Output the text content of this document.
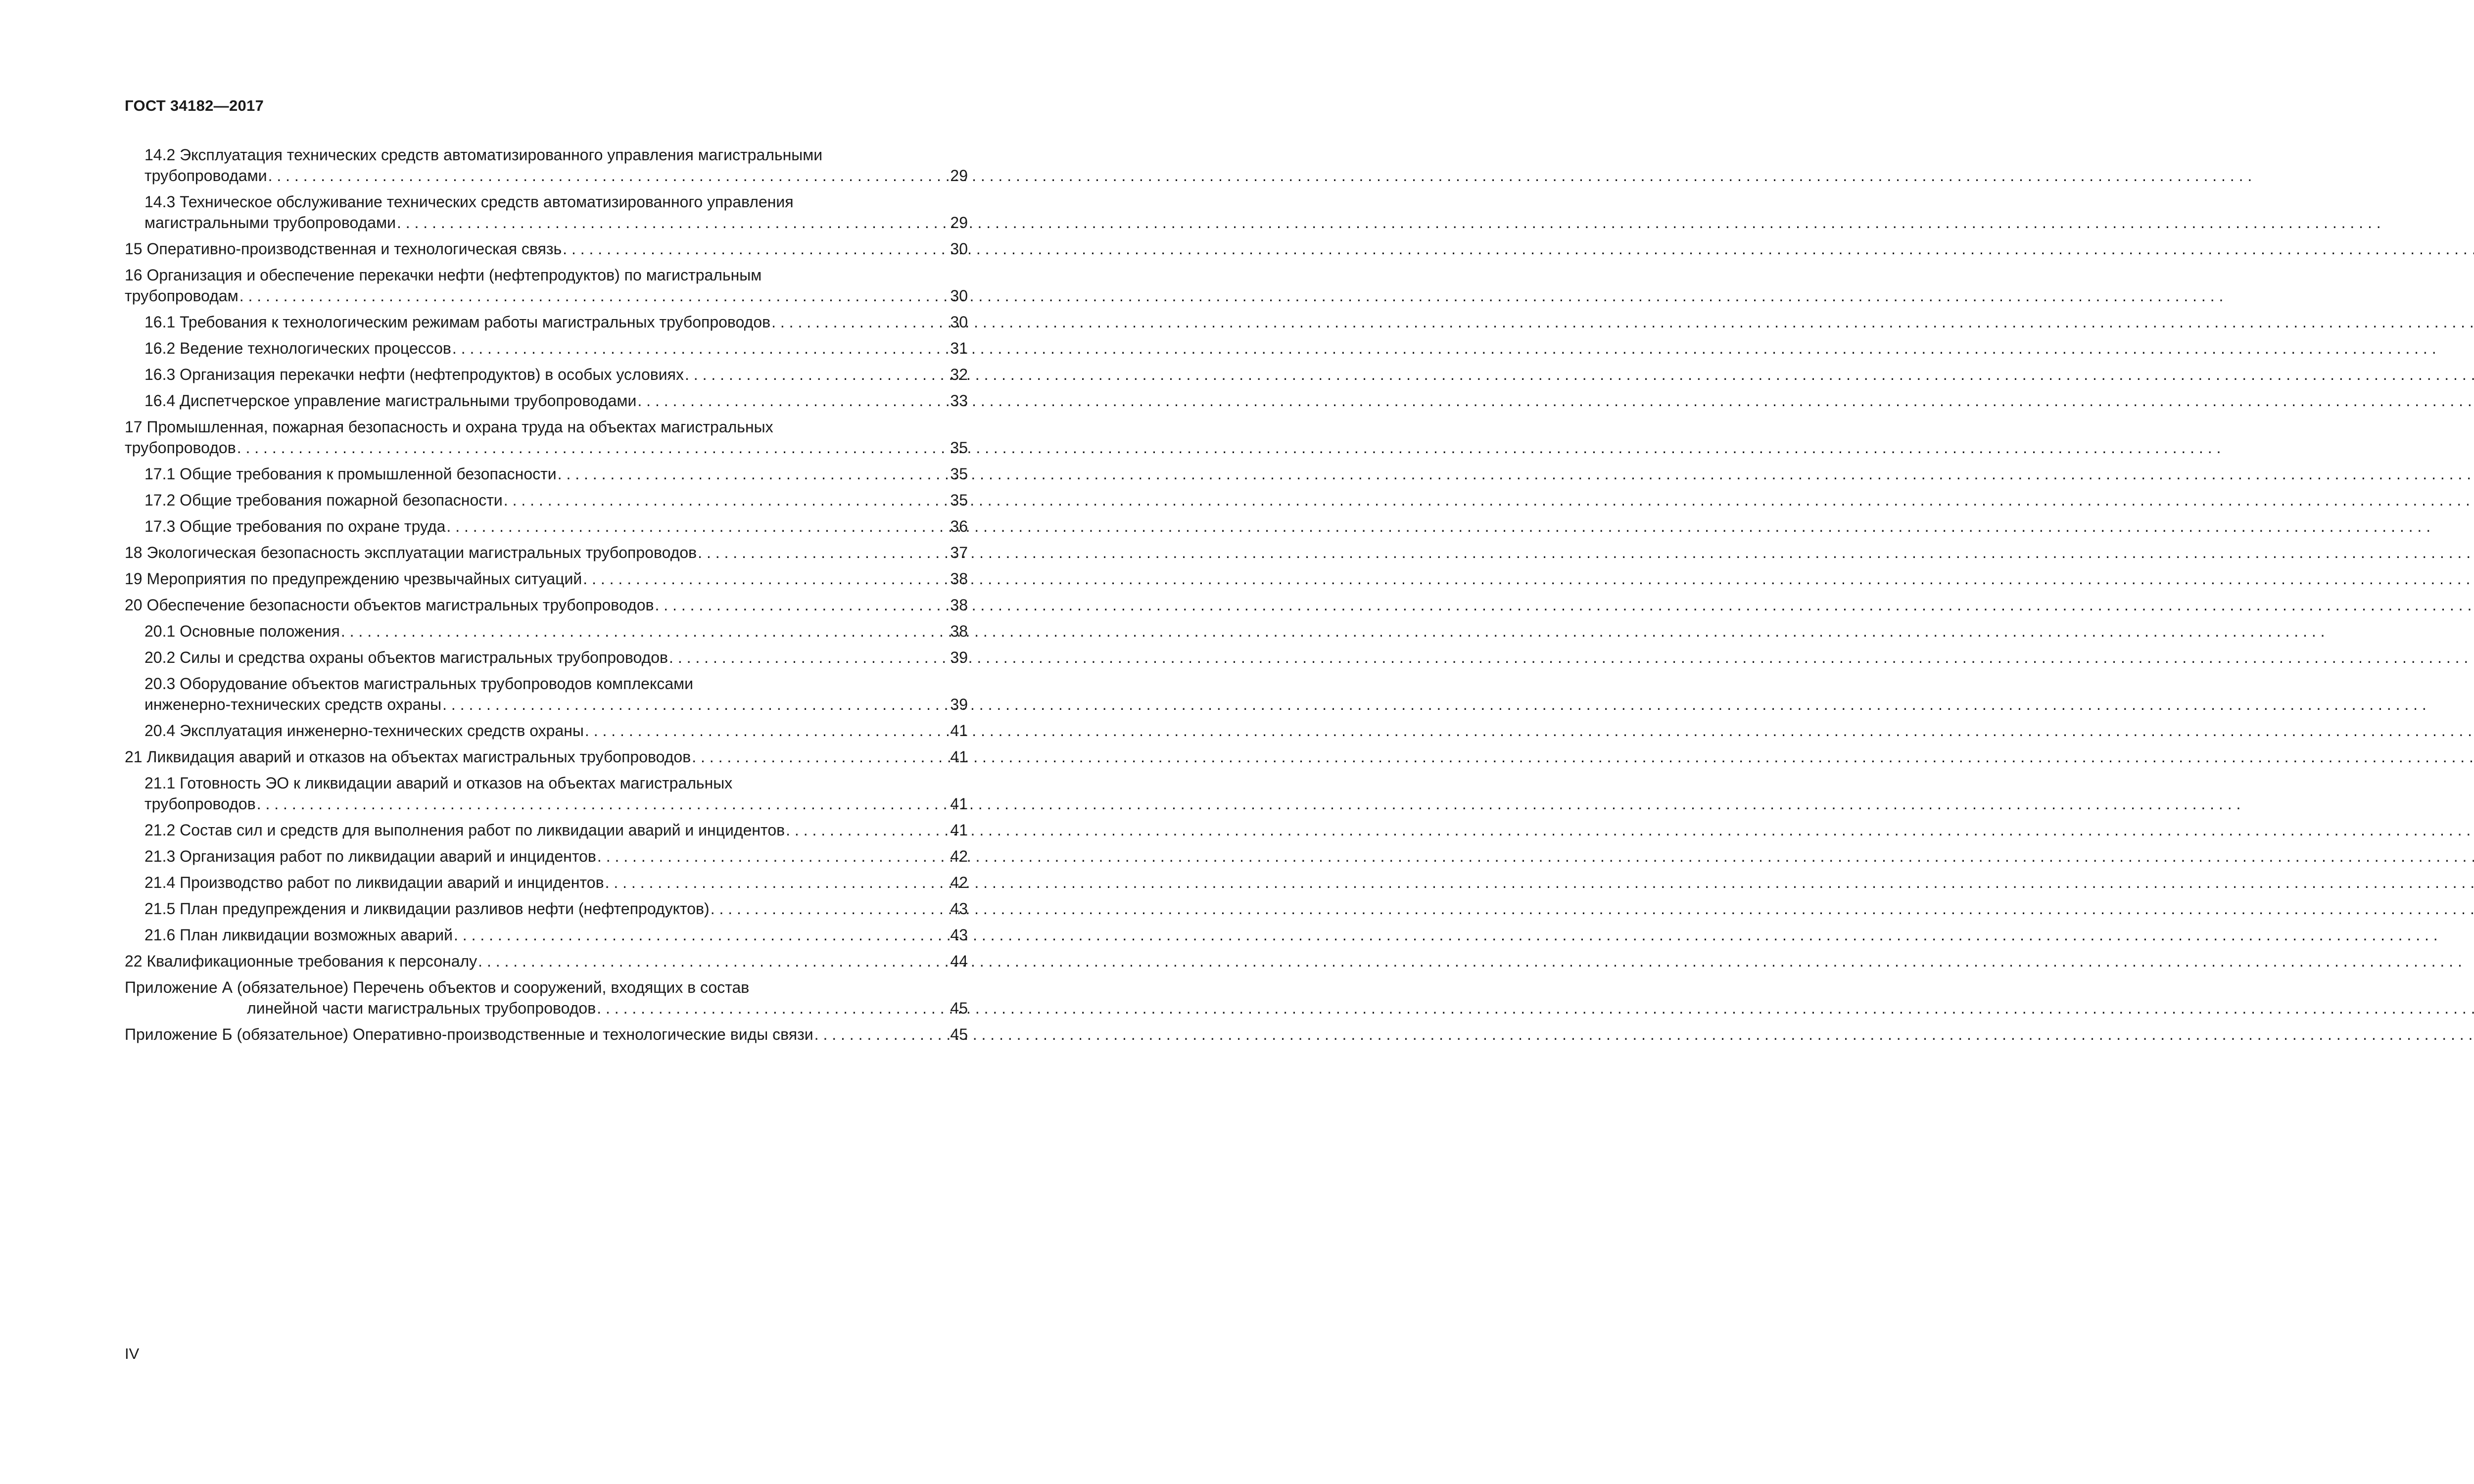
ГОСТ 34182—2017
14.2 Эксплуатация технических средств автоматизированного управления магистральными
трубопроводами . . .	29
14.3 Техническое обслуживание технических средств автоматизированного управления
магистральными трубопроводами . . .	29
15 Оперативно-производственная и технологическая связь . . .	30
16 Организация и обеспечение перекачки нефти (нефтепродуктов) по магистральным
трубопроводам . . .	30
16.1 Требования к технологическим режимам работы магистральных трубопроводов . . .	30
16.2 Ведение технологических процессов . . .	31
16.3 Организация перекачки нефти (нефтепродуктов) в особых условиях . . .	32
16.4 Диспетчерское управление магистральными трубопроводами . . .	33
17 Промышленная, пожарная безопасность и охрана труда на объектах магистральных
трубопроводов . . .	35
17.1 Общие требования к промышленной безопасности . . .	35
17.2 Общие требования пожарной безопасности . . .	35
17.3 Общие требования по охране труда . . .	36
18 Экологическая безопасность эксплуатации магистральных трубопроводов . . .	37
19 Мероприятия по предупреждению чрезвычайных ситуаций . . .	38
20 Обеспечение безопасности объектов магистральных трубопроводов . . .	38
20.1 Основные положения . . .	38
20.2 Силы и средства охраны объектов магистральных трубопроводов . . .	39
20.3 Оборудование объектов магистральных трубопроводов комплексами
инженерно-технических средств охраны . . .	39
20.4 Эксплуатация инженерно-технических средств охраны . . .	41
21 Ликвидация аварий и отказов на объектах магистральных трубопроводов . . .	41
21.1 Готовность ЭО к ликвидации аварий и отказов на объектах магистральных
трубопроводов . . .	41
21.2 Состав сил и средств для выполнения работ по ликвидации аварий и инцидентов . . .	41
21.3 Организация работ по ликвидации аварий и инцидентов . . .	42
21.4 Производство работ по ликвидации аварий и инцидентов . . .	42
21.5 План предупреждения и ликвидации разливов нефти (нефтепродуктов) . . .	43
21.6 План ликвидации возможных аварий . . .	43
22 Квалификационные требования к персоналу . . .	44
Приложение А (обязательное) Перечень объектов и сооружений, входящих в состав
линейной части магистральных трубопроводов . . .	45
Приложение Б (обязательное) Оперативно-производственные и технологические виды связи . . .	45
IV
